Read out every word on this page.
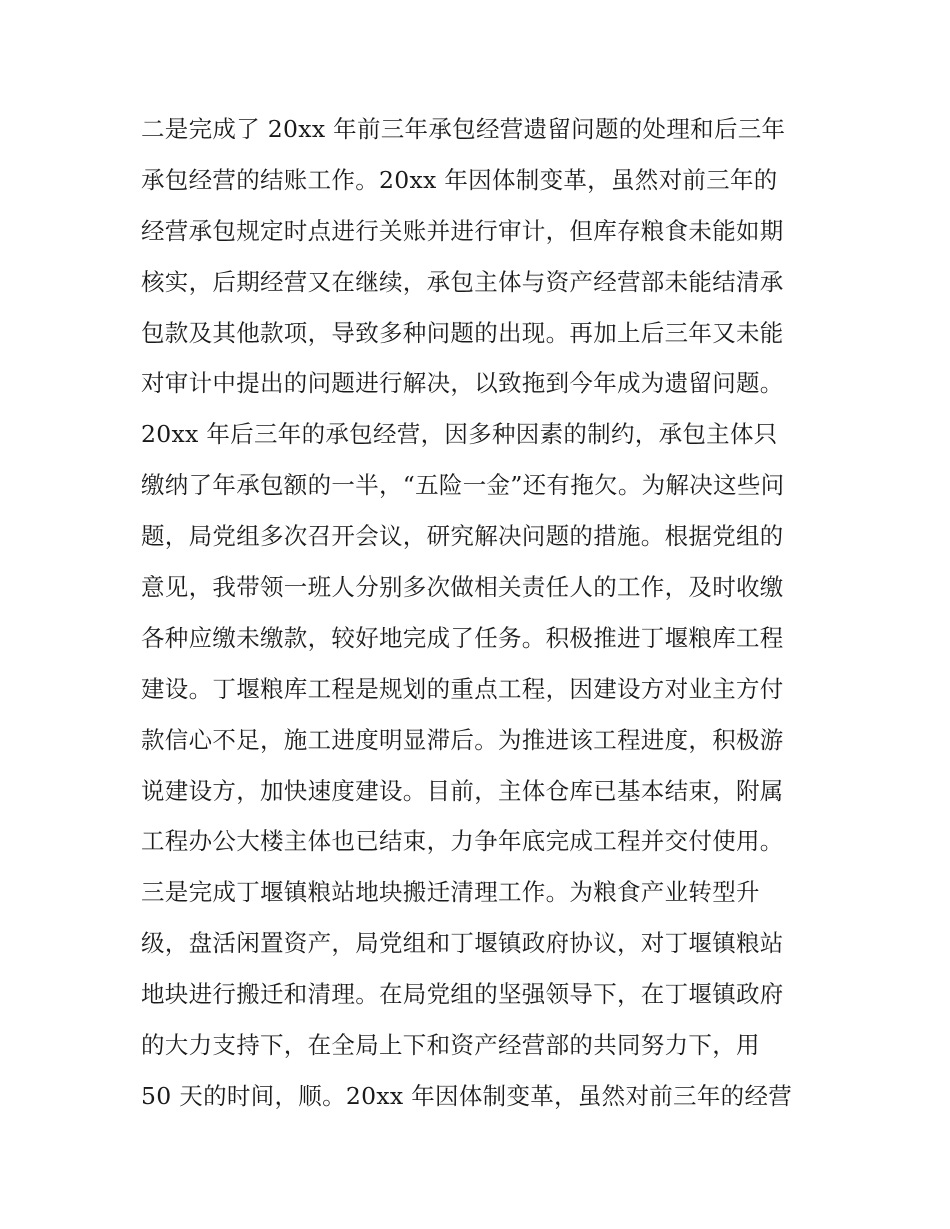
二是完成了 20xx 年前三年承包经营遗留问题的处理和后三年
承包经营的结账工作。20xx 年因体制变革，虽然对前三年的
经营承包规定时点进行关账并进行审计，但库存粮食未能如期
核实，后期经营又在继续，承包主体与资产经营部未能结清承
包款及其他款项，导致多种问题的出现。再加上后三年又未能
对审计中提出的问题进行解决，以致拖到今年成为遗留问题。
20xx 年后三年的承包经营，因多种因素的制约，承包主体只
缴纳了年承包额的一半，“五险一金”还有拖欠。为解决这些问
题，局党组多次召开会议，研究解决问题的措施。根据党组的
意见，我带领一班人分别多次做相关责任人的工作，及时收缴
各种应缴未缴款，较好地完成了任务。积极推进丁堰粮库工程
建设。丁堰粮库工程是规划的重点工程，因建设方对业主方付
款信心不足，施工进度明显滞后。为推进该工程进度，积极游
说建设方，加快速度建设。目前，主体仓库已基本结束，附属
工程办公大楼主体也已结束，力争年底完成工程并交付使用。
三是完成丁堰镇粮站地块搬迁清理工作。为粮食产业转型升
级，盘活闲置资产，局党组和丁堰镇政府协议，对丁堰镇粮站
地块进行搬迁和清理。在局党组的坚强领导下，在丁堰镇政府
的大力支持下，在全局上下和资产经营部的共同努力下，用
50 天的时间，顺。20xx 年因体制变革，虽然对前三年的经营
